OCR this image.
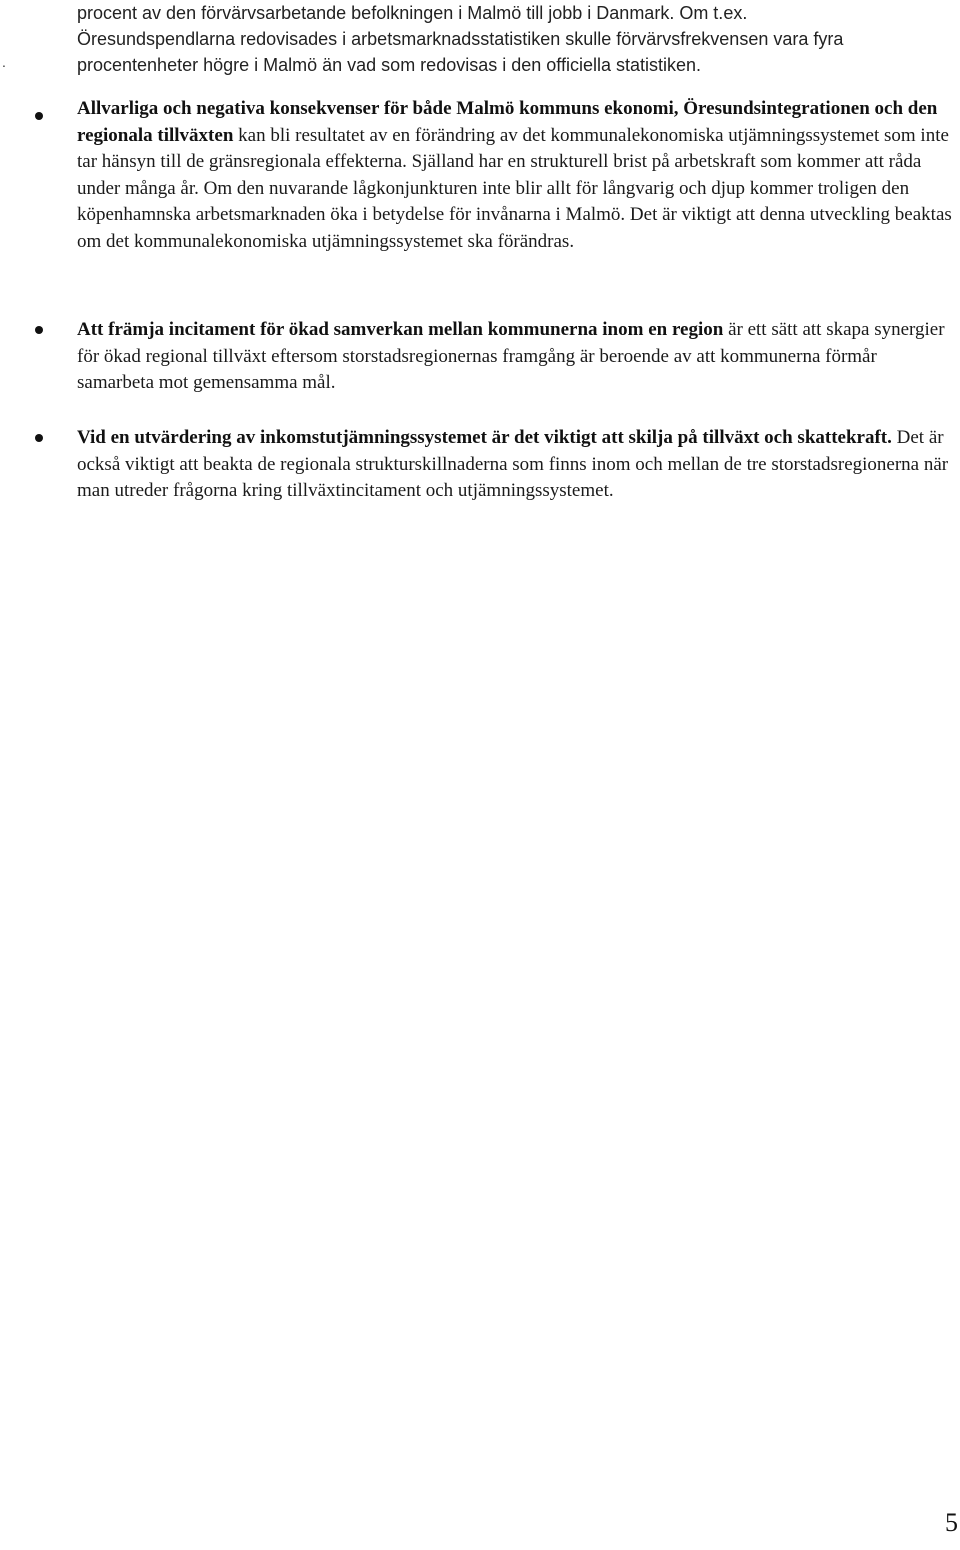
procent av den förvärvsarbetande befolkningen i Malmö till jobb i Danmark. Om t.ex.

Öresundspendlarna redovisades i arbetsmarknadsstatistiken skulle förvärvsfrekvensen vara fyra

procentenheter högre i Malmö än vad som redovisas i den officiella statistiken.

.

Allvarliga och negativa konsekvenser för både Malmö kommuns ekonomi, Öresundsintegrationen och den regionala tillväxten kan bli resultatet av en förändring av det kommunalekonomiska utjämningssystemet som inte tar hänsyn till de gränsregionala effekterna. Själland har en strukturell brist på arbetskraft som kommer att råda under många år. Om den nuvarande lågkonjunkturen inte blir allt för långvarig och djup kommer troligen den köpenhamnska arbetsmarknaden öka i betydelse för invånarna i Malmö. Det är viktigt att denna utveckling beaktas om det kommunalekonomiska utjämningssystemet ska förändras.

Att främja incitament för ökad samverkan mellan kommunerna inom en region är ett sätt att skapa synergier för ökad regional tillväxt eftersom storstadsregionernas framgång är beroende av att kommunerna förmår samarbeta mot gemensamma mål.

Vid en utvärdering av inkomstutjämningssystemet är det viktigt att skilja på tillväxt och skattekraft. Det är också viktigt att beakta de regionala strukturskillnaderna som finns inom och mellan de tre storstadsregionerna när man utreder frågorna kring tillväxtincitament och utjämningssystemet.

5
